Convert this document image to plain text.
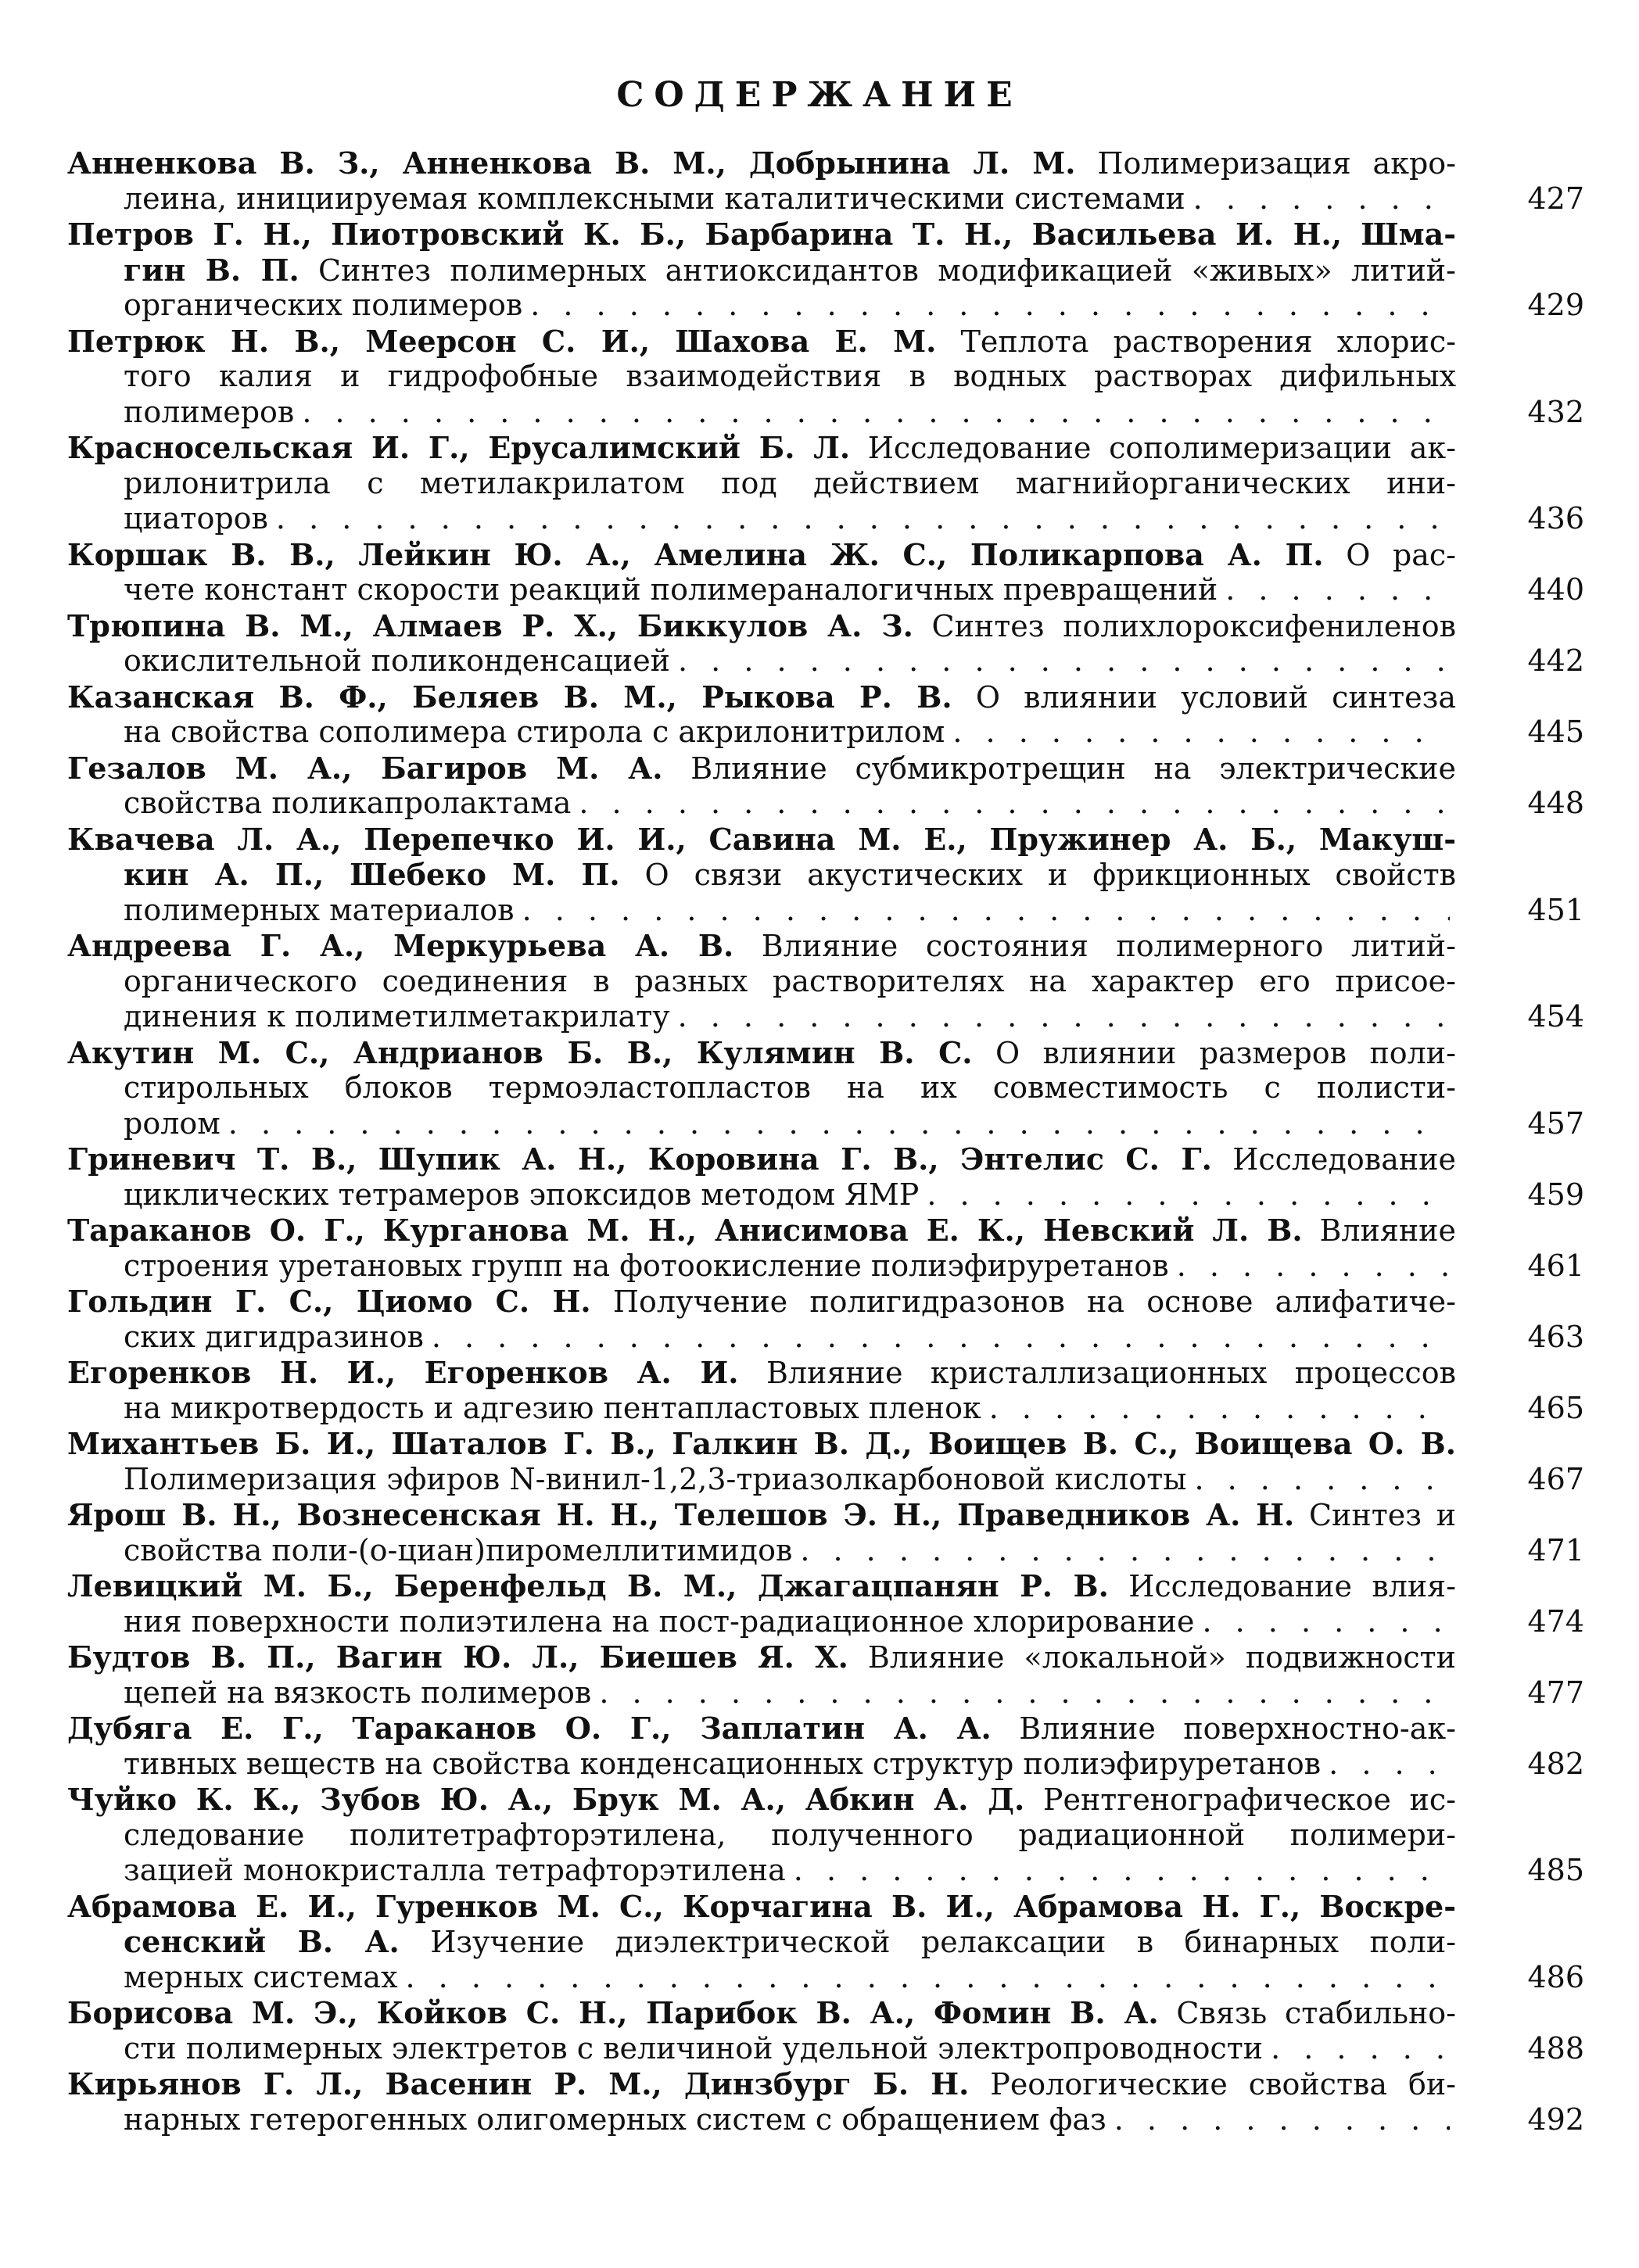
СОДЕРЖАНИЕ
Анненкова В. З., Анненкова В. М., Добрынина Л. М. Полимеризация акро-
леина, инициируемая комплексными каталитическими системами . . .	427
Петров Г. Н., Пиотровский К. Б., Барбарина Т. Н., Васильева И. Н., Шма-
гин В. П. Синтез полимерных антиоксидантов модификацией «живых» литий-
органических полимеров . . .	429
Петрюк Н. В., Меерсон С. И., Шахова Е. М. Теплота растворения хлорис-
того калия и гидрофобные взаимодействия в водных растворах дифильных
полимеров . . .	432
Красносельская И. Г., Ерусалимский Б. Л. Исследование сополимеризации ак-
рилонитрила с метилакрилатом под действием магнийорганических ини-
циаторов . . .	436
Коршак В. В., Лейкин Ю. А., Амелина Ж. С., Поликарпова А. П. О рас-
чете констант скорости реакций полимераналогичных превращений . . .	440
Трюпина В. М., Алмаев Р. Х., Биккулов А. З. Синтез полихлороксифениленов
окислительной поликонденсацией . . .	442
Казанская В. Ф., Беляев В. М., Рыкова Р. В. О влиянии условий синтеза
на свойства сополимера стирола с акрилонитрилом . . .	445
Гезалов М. А., Багиров М. А. Влияние субмикротрещин на электрические
свойства поликапролактама . . .	448
Квачева Л. А., Перепечко И. И., Савина М. Е., Пружинер А. Б., Макуш-
кин А. П., Шебеко М. П. О связи акустических и фрикционных свойств
полимерных материалов . . .	451
Андреева Г. А., Меркурьева А. В. Влияние состояния полимерного литий-
органического соединения в разных растворителях на характер его присое-
динения к полиметилметакрилату . . .	454
Акутин М. С., Андрианов Б. В., Кулямин В. С. О влиянии размеров поли-
стирольных блоков термоэластопластов на их совместимость с полисти-
ролом . . .	457
Гриневич Т. В., Шупик А. Н., Коровина Г. В., Энтелис С. Г. Исследование
циклических тетрамеров эпоксидов методом ЯМР . . .	459
Тараканов О. Г., Курганова М. Н., Анисимова Е. К., Невский Л. В. Влияние
строения уретановых групп на фотоокисление полиэфируретанов . . .	461
Гольдин Г. С., Циомо С. Н. Получение полигидразонов на основе алифатиче-
ских дигидразинов . . .	463
Егоренков Н. И., Егоренков А. И. Влияние кристаллизационных процессов
на микротвердость и адгезию пентапластовых пленок . . .	465
Михантьев Б. И., Шаталов Г. В., Галкин В. Д., Воищев В. С., Воищева О. В.
Полимеризация эфиров N-винил-1,2,3-триазолкарбоновой кислоты . . .	467
Ярош В. Н., Вознесенская Н. Н., Телешов Э. Н., Праведников А. Н. Синтез и
свойства поли-(о-циан)пиромеллитимидов . . .	471
Левицкий М. Б., Беренфельд В. М., Джагацпанян Р. В. Исследование влия-
ния поверхности полиэтилена на пост-радиационное хлорирование . . .	474
Будтов В. П., Вагин Ю. Л., Биешев Я. Х. Влияние «локальной» подвижности
цепей на вязкость полимеров . . .	477
Дубяга Е. Г., Тараканов О. Г., Заплатин А. А. Влияние поверхностно-ак-
тивных веществ на свойства конденсационных структур полиэфируретанов . . .	482
Чуйко К. К., Зубов Ю. А., Брук М. А., Абкин А. Д. Рентгенографическое ис-
следование политетрафторэтилена, полученного радиационной полимери-
зацией монокристалла тетрафторэтилена . . .	485
Абрамова Е. И., Гуренков М. С., Корчагина В. И., Абрамова Н. Г., Воскре-
сенский В. А. Изучение диэлектрической релаксации в бинарных поли-
мерных системах . . .	486
Борисова М. Э., Койков С. Н., Парибок В. А., Фомин В. А. Связь стабильно-
сти полимерных электретов с величиной удельной электропроводности . . .	488
Кирьянов Г. Л., Васенин Р. М., Динзбург Б. Н. Реологические свойства би-
нарных гетерогенных олигомерных систем с обращением фаз . . .	492
